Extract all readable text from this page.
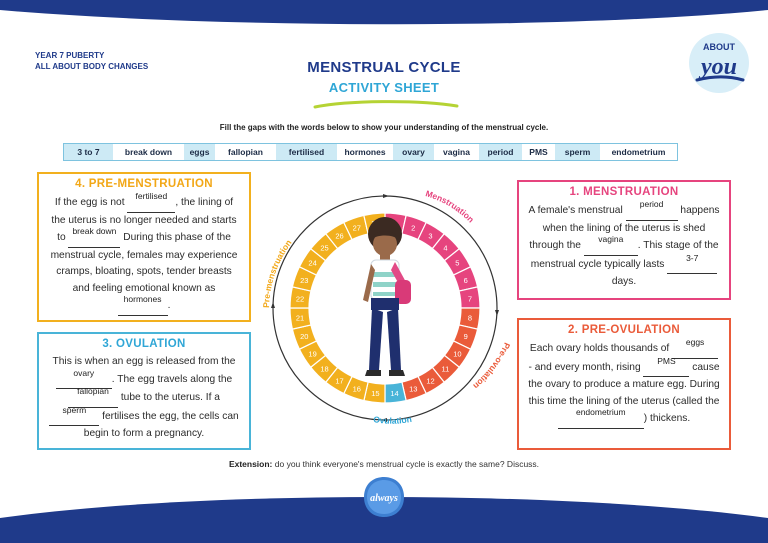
YEAR 7 PUBERTY
ALL ABOUT BODY CHANGES
ABOUT
you
MENSTRUAL CYCLE
ACTIVITY SHEET
Fill the gaps with the words below to show your understanding of the menstrual cycle.
3 to 7	break down	eggs	fallopian	fertilised	hormones	ovary	vagina	period	PMS	sperm	endometrium
4. PRE-MENSTRUATION

If the egg is not $^{fertilised}$, the lining of the uterus is no longer needed and starts to $^{break down}$ During this phase of the menstrual cycle, females may experience cramps, bloating, spots, tender breasts and feeling emotional known as $^{hormones}$.

3. OVULATION

This is when an egg is released from the $^{ovary}$. The egg travels along the $^{fallopian}$ tube to the uterus. If a $^{sperm}$ fertilises the egg, the cells can begin to form a pregnancy.

1. MENSTRUATION

A female's menstrual $^{period}$ happens when the lining of the uterus is shed through the $^{vagina}$. This stage of the menstrual cycle typically lasts $^{3-7}$ days.

2. PRE-OVULATION

Each ovary holds thousands of $^{eggs}$ - and every month, rising $^{PMS}$ cause the ovary to produce a mature egg. During this time the lining of the uterus (called the $^{endometrium}$) thickens.

2
3
4
5
6
7
8
9
10
11
12
13
14
15
16
17
18
19
20
21
22
23
24
25
26
27
Menstruation
Pre-ovulation
Ovulation
Pre-menstruation
Extension: do you think everyone's menstrual cycle is exactly the same? Discuss.
always
